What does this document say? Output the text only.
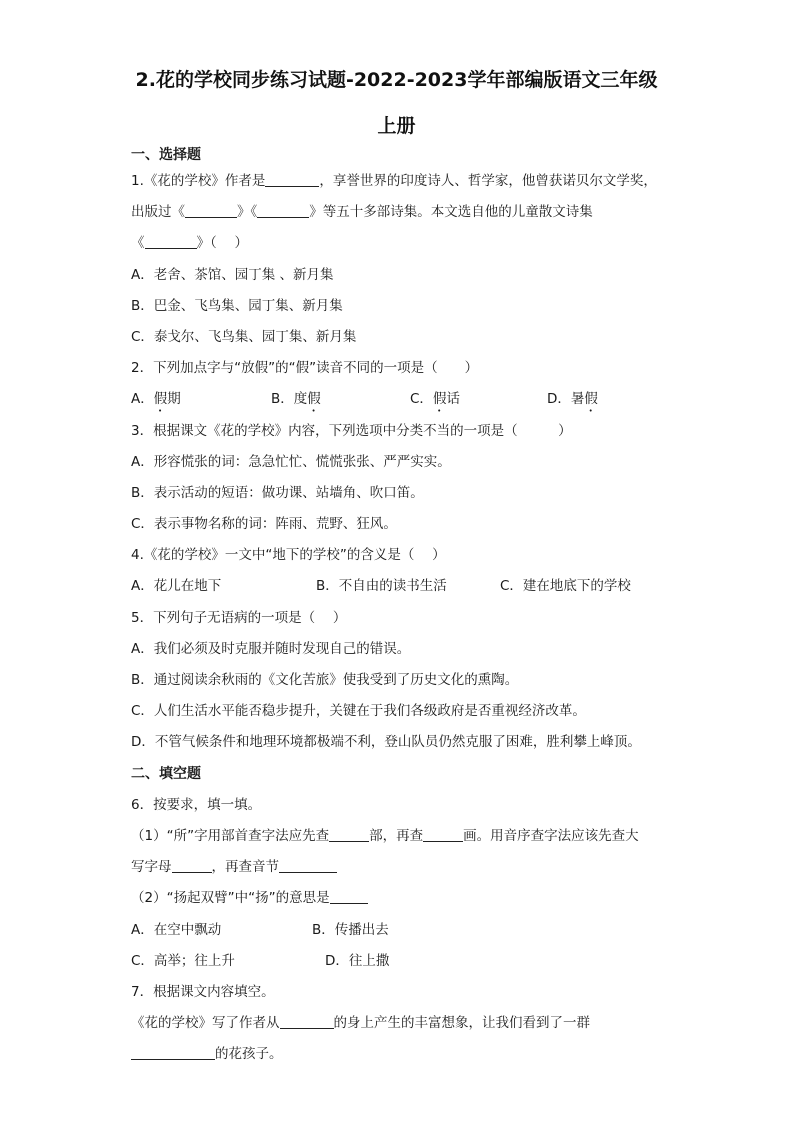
2.花的学校同步练习试题-2022-2023学年部编版语文三年级
上册
一、选择题
1.《花的学校》作者是	，享誉世界的印度诗人、哲学家，他曾获诺贝尔文学奖，
出版过《	》《	》等五十多部诗集。本文选自他的儿童散文诗集
《	》（　 ）
A．老舍、茶馆、园丁集 、新月集
B．巴金、飞鸟集、园丁集、新月集
C．泰戈尔、飞鸟集、园丁集、新月集
2．下列加点字与“放假”的“假”读音不同的一项是（　　）
A．假期	B．度假	C．假话	D．暑假
3．根据课文《花的学校》内容，下列选项中分类不当的一项是（　　　）
A．形容慌张的词：急急忙忙、慌慌张张、严严实实。
B．表示活动的短语：做功课、站墙角、吹口笛。
C．表示事物名称的词：阵雨、荒野、狂风。
4.《花的学校》一文中“地下的学校”的含义是（　 ）
A．花儿在地下	B．不自由的读书生活	C．建在地底下的学校
5．下列句子无语病的一项是（　 ）
A．我们必须及时克服并随时发现自己的错误。
B．通过阅读余秋雨的《文化苦旅》使我受到了历史文化的熏陶。
C．人们生活水平能否稳步提升，关键在于我们各级政府是否重视经济改革。
D．不管气候条件和地理环境都极端不利，登山队员仍然克服了困难，胜利攀上峰顶。
二、填空题
6．按要求，填一填。
（1）“所”字用部首查字法应先查	部，再查	画。用音序查字法应该先查大
写字母	，再查音节
（2）“扬起双臂”中“扬”的意思是
A．在空中飘动	B．传播出去
C．高举；往上升	D．往上撒
7．根据课文内容填空。
《花的学校》写了作者从	的身上产生的丰富想象，让我们看到了一群
的花孩子。
